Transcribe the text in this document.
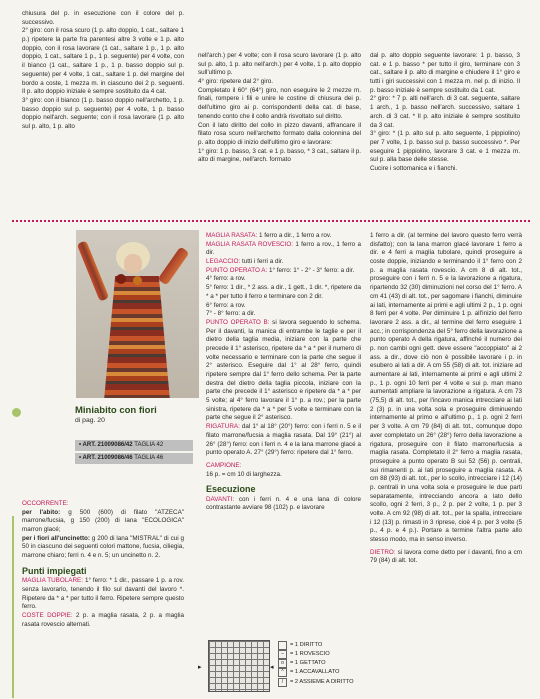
chiusura del p. in esecuzione con il colore del p. successivo.

2° giro: con il rosa scuro (1 p. alto doppio, 1 cat., saltare 1 p.) ripetere la parte fra parentesi altre 3 volte e 1 p. alto doppio, con il rosa lavorare (1 cat., saltare 1 p., 1 p. alto doppio, 1 cat., saltare 1 p., 1 p. seguente) per 4 volte, con il bianco (1 cat., saltare 1 p., 1 p. basso doppio sul p. seguente) per 4 volte, 1 cat., saltare 1 p. del margine del bordo a coste, 1 mezza m. in ciascuno dei 2 p. seguenti. Il p. alto doppio iniziale è sempre sostituito da 4 cat.

3° giro: con il bianco (1 p. basso doppio nell'archetto, 1 p. basso doppio sul p. seguente) per 4 volte, 1 p. basso doppio nell'arch. seguente; con il rosa lavorare (1 p. alto sul p. alto, 1 p. alto

nell'arch.) per 4 volte; con il rosa scuro lavorare (1 p. alto sul p. alto, 1 p. alto nell'arch.) per 4 volte, 1 p. alto doppio sull'ultimo p.

4° giro: ripetere dal 2° giro.

Completato il 60° (64°) giro, non eseguire le 2 mezze m. finali, rompere i fili e unire le costine di chiusura dei p. dell'ultimo giro ai p. corrispondenti della cat. di base, tenendo conto che il collo andrà risvoltato sul diritto.

Con il lato diritto del collo in pizzo davanti, affrancare il filato rosa scuro nell'archetto formato dalla colonnina del p. alto doppio di inizio dell'ultimo giro e lavorare:

1° giro: 1 p. basso, 3 cat. e 1 p. basso, * 3 cat., saltare il p. alto di margine, nell'arch. formato

dal p. alto doppio seguente lavorare: 1 p. basso, 3 cat. e 1 p. basso * per tutto il giro, terminare con 3 cat., saltare il p. alto di margine e chiudere il 1° giro e tutti i giri successivi con 1 mezza m. nel p. di inizio. Il p. basso iniziale è sempre sostituito da 1 cat.

2° giro: * 7 p. alti nell'arch. di 3 cat. seguente, saltare 1 arch., 1 p. basso nell'arch. successivo, saltare 1 arch. di 3 cat. * Il p. alto iniziale è sempre sostituito da 3 cat.

3° giro: * (1 p. alto sul p. alto seguente, 1 pippiolino) per 7 volte, 1 p. basso sul p. basso successivo *. Per eseguire 1 pippiolino, lavorare 3 cat. e 1 mezza m. sul p. alla base delle stesse.

Cucire i sottomanica e i fianchi.

Miniabito con fiori
di pag. 20
• ART. 21009086/42 TAGLIA 42
• ART. 21009086/46 TAGLIA 46

OCCORRENTE:

per l'abito: g 500 (600) di filato "ATZECA" marrone/fucsia, g 150 (200) di lana "ECOLOGICA" marron glacé;

per i fiori all'uncinetto: g 200 di lana "MISTRAL" di cui g 50 in ciascuno dei seguenti colori mattone, fucsia, ciliegia, marrone chiaro; ferri n. 4 e n. 5; un uncinetto n. 2.

Punti impiegati

MAGLIA TUBOLARE: 1° ferro: * 1 dir., passare 1 p. a rov. senza lavorarlo, tenendo il filo sul davanti del lavoro *. Ripetere da * a * per tutto il ferro. Ripetere sempre questo ferro.

COSTE DOPPIE: 2 p. a maglia rasata, 2 p. a maglia rasata rovescio alternati.

MAGLIA RASATA: 1 ferro a dir., 1 ferro a rov.

MAGLIA RASATA ROVESCIO: 1 ferro a rov., 1 ferro a dir.

LEGACCIO: tutti i ferri a dir.

PUNTO OPERATO A: 1° ferro: 1° - 2° - 3° ferro: a dir.

4° ferro: a rov.

5° ferro: 1 dir., * 2 ass. a dir., 1 gett., 1 dir. *, ripetere da * a * per tutto il ferro e terminare con 2 dir.

6° ferro: a rov.

7° - 8° ferro: a dir.

PUNTO OPERATO B: si lavora seguendo lo schema. Per il davanti, la manica di entrambe le taglie e per il dietro della taglia media, iniziare con la parte che precede il 1° asterisco, ripetere da * a * per il numero di volte necessario e terminare con la parte che segue il 2° asterisco. Eseguire dal 1° al 28° ferro, quindi ripetere sempre dal 1° ferro dello schema. Per la parte destra del dietro della taglia piccola, iniziare con la parte che precede il 1° asterisco e ripetere da * a * per 5 volte; al 4° ferro lavorare il 1° p. a rov.; per la parte sinistra, ripetere da * a * per 5 volte e terminare con la parte che segue il 2° asterisco.

RIGATURA: dal 1° al 18° (20°) ferro: con i ferri n. 5 e il filato marrone/fucsia a maglia rasata. Dal 19° (21°) al 26° (28°) ferro: con i ferri n. 4 e la lana marrone glacé a punto operato A. 27° (29°) ferro: ripetere dal 1° ferro.

CAMPIONE:

16 p. = cm 10 di larghezza.

Esecuzione

DAVANTI: con i ferri n. 4 e una lana di colore contrastante avviare 98 (102) p. e lavorare

▸	◂
= 1 DIRITTO
–	= 1 ROVESCIO
o	= 1 GETTATO
^	= 1 ACCAVALLATO
/	= 2 ASSIEME A DIRITTO

1 ferro a dir. (al termine del lavoro questo ferro verrà disfatto); con la lana marron glacé lavorare 1 ferro a dir. e 4 ferri a maglia tubolare, quindi proseguire a coste doppie, iniziando e terminando il 1° ferro con 2 p. a maglia rasata rovescio. A cm 8 di alt. tot., proseguire con i ferri n. 5 e la lavorazione a rigatura, ripartendo 32 (30) diminuzioni nel corso del 1° ferro. A cm 41 (43) di alt. tot., per sagomare i fianchi, diminuire ai lati, internamente ai primi e agli ultimi 2 p., 1 p. ogni 8 ferri per 4 volte. Per diminuire 1 p. all'inizio del ferro lavorare 2 ass. a dir., al termine del ferro eseguire 1 acc.; in corrispondenza del 5° ferro della lavorazione a punto operato A della rigatura, affinché il numero dei p. non cambi ogni gett. deve essere "accoppiato" ai 2 ass. a dir., dove ciò non è possibile lavorare i p. in esubero ai lati a dir. A cm 55 (58) di alt. tot. iniziare ad aumentare ai lati, internamente ai primi e agli ultimi 2 p., 1 p. ogni 10 ferri per 4 volte e sui p. man mano aumentati ampliare la lavorazione a rigatura. A cm 73 (75,5) di alt. tot., per l'incavo manica intrecciare ai lati 2 (3) p. in una volta sola e proseguire diminuendo internamente al primo e all'ultimo p., 1 p. ogni 2 ferri per 3 volte. A cm 79 (84) di alt. tot., comunque dopo aver completato un 26° (28°) ferro della lavorazione a rigatura, proseguire con il filato marrone/fucsia a maglia rasata. Completato il 2° ferro a maglia rasata, proseguire a punto operato B sui 52 (56) p. centrali, sui rimanenti p. ai lati proseguire a maglia rasata. A cm 88 (93) di alt. tot., per lo scollo, intrecciare i 12 (14) p. centrali in una volta sola e proseguire le due parti separatamente, intrecciando ancora a lato dello scollo, ogni 2 ferri, 3 p., 2 p. per 2 volte, 1 p. per 3 volte. A cm 92 (98) di alt. tot., per la spalla, intrecciare i 12 (13) p. rimasti in 3 riprese, cioè 4 p. per 3 volte (5 p., 4 p. e 4 p.). Portare a termine l'altra parte allo stesso modo, ma in senso inverso.

DIETRO: si lavora come detto per i davanti, fino a cm 79 (84) di alt. tot.
